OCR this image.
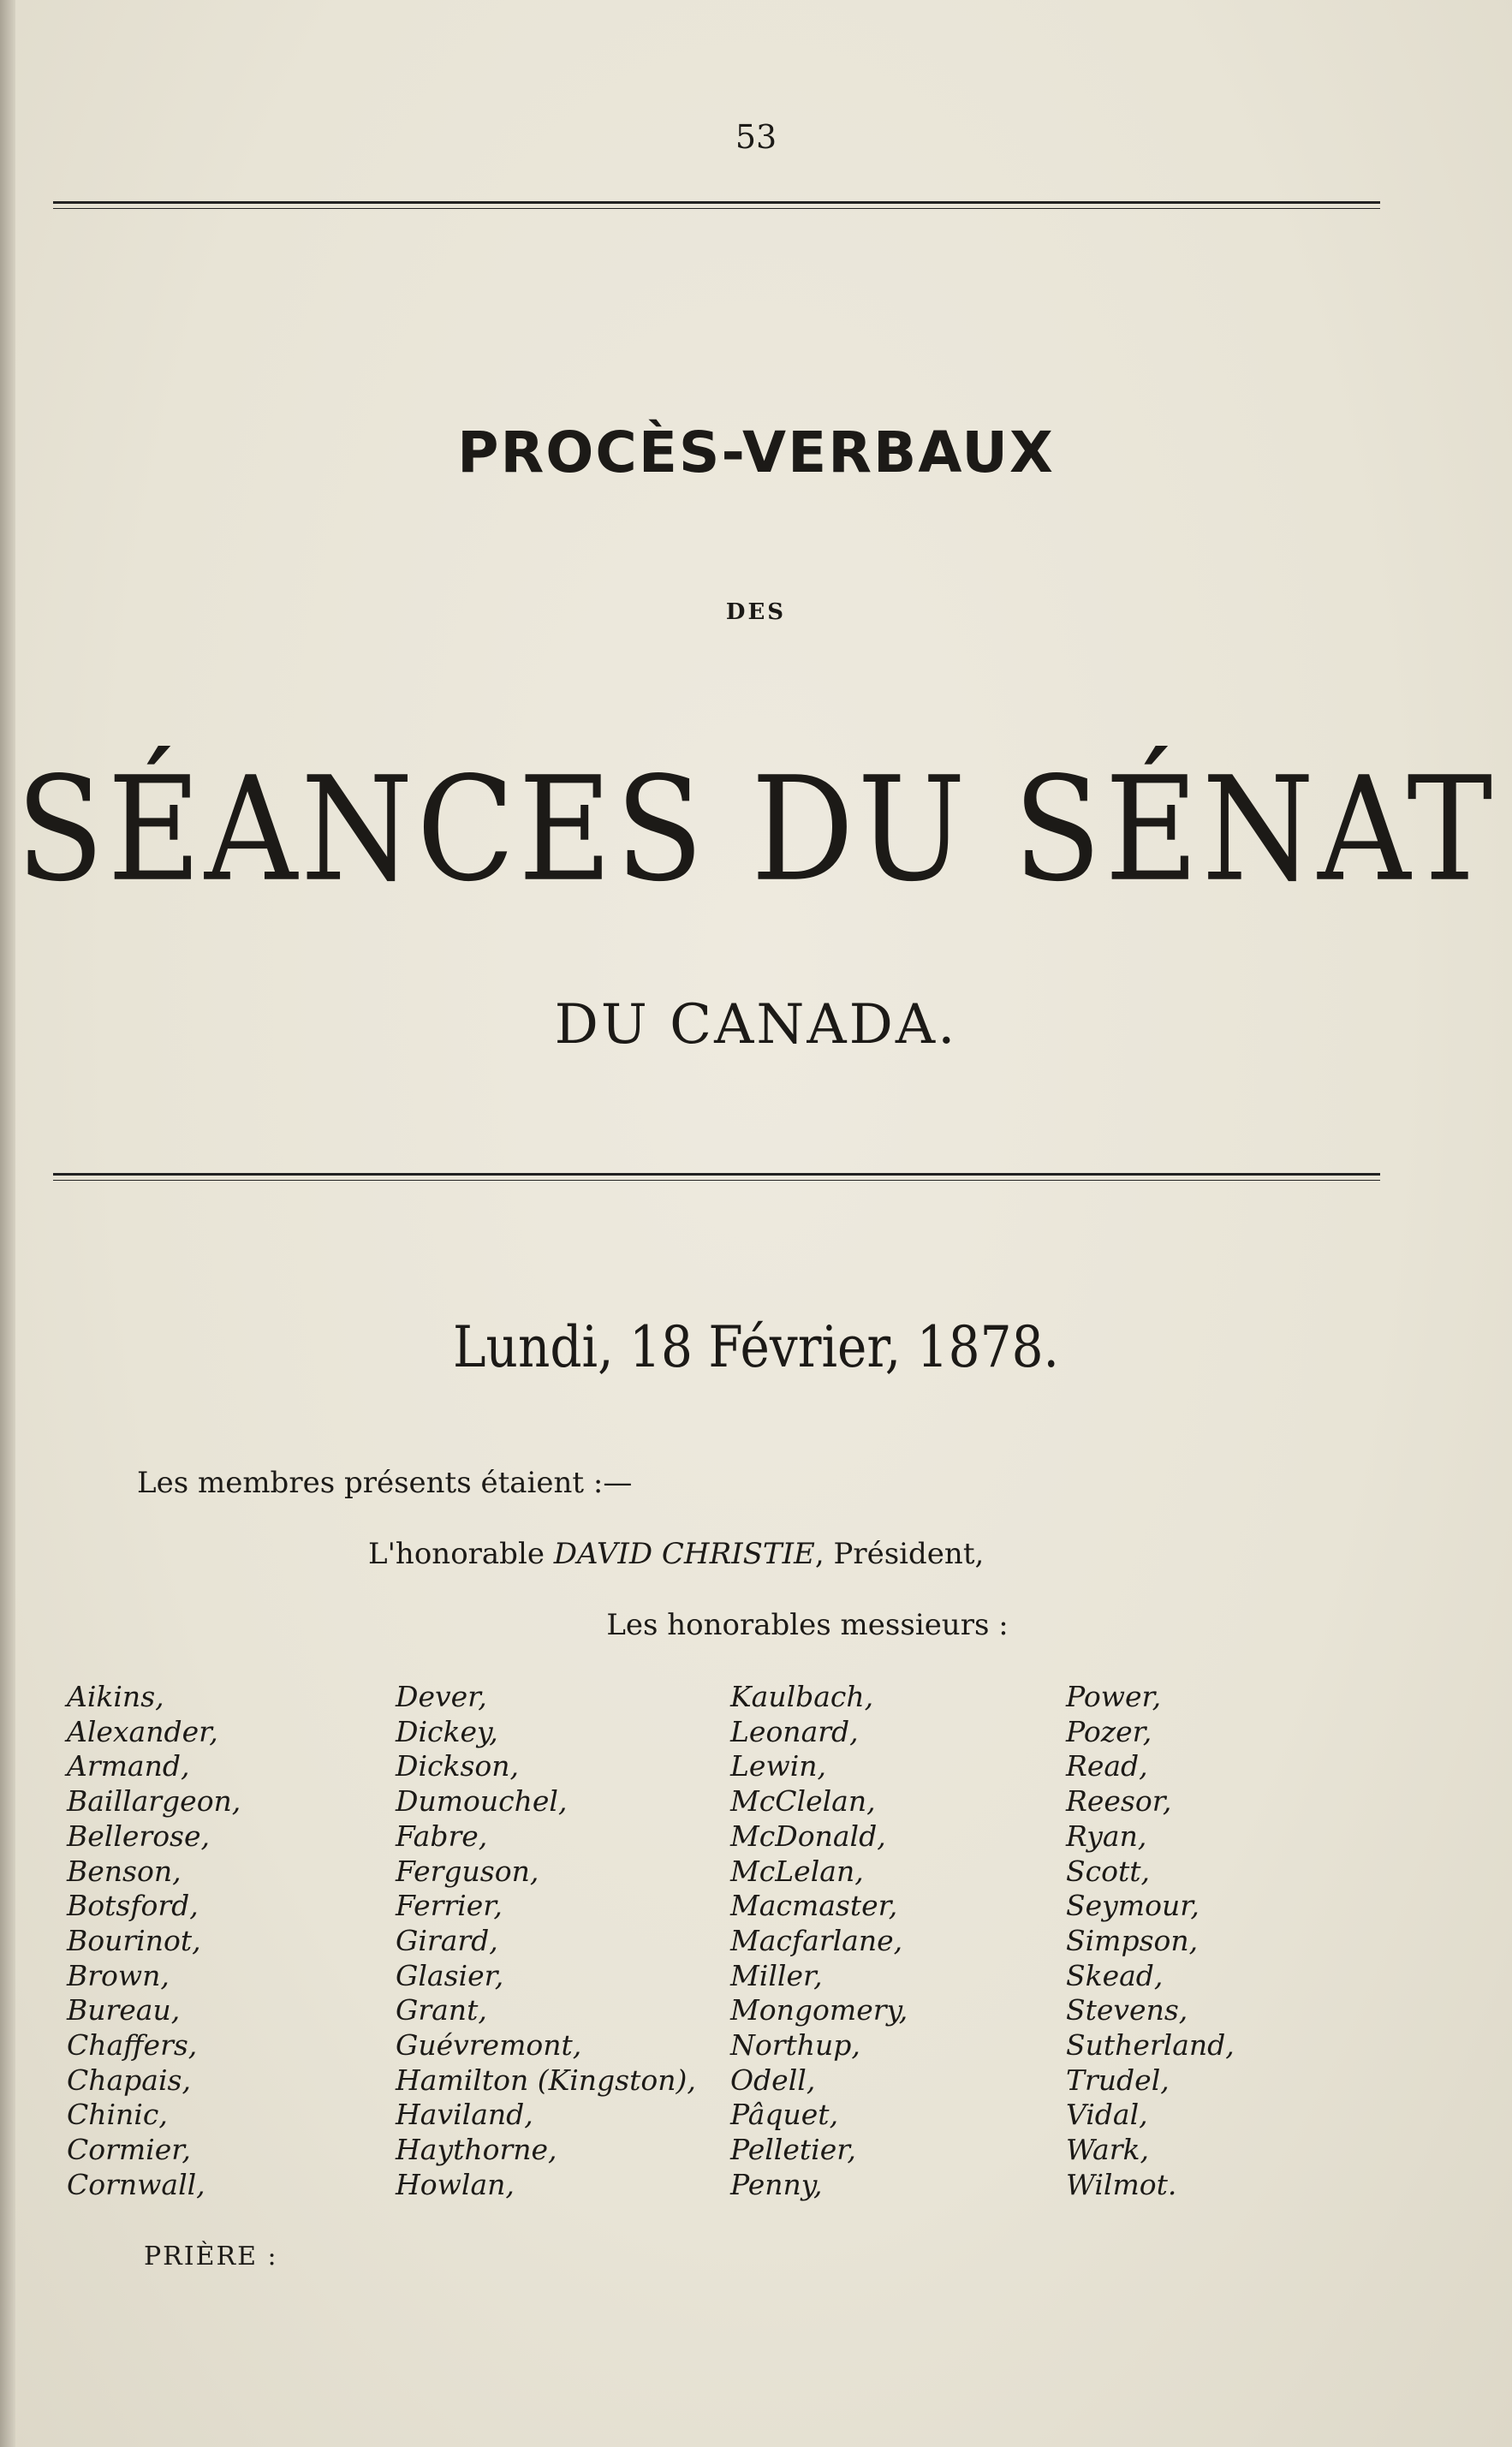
53
PROCÈS-VERBAUX
DES
SÉANCES DU SÉNAT
DU CANADA.
Lundi, 18 Février, 1878.
Les membres présents étaient :—
L'honorable DAVID CHRISTIE, Président,
Les honorables messieurs :
Aikins,
Alexander,
Armand,
Baillargeon,
Bellerose,
Benson,
Botsford,
Bourinot,
Brown,
Bureau,
Chaffers,
Chapais,
Chinic,
Cormier,
Cornwall,
Dever,
Dickey,
Dickson,
Dumouchel,
Fabre,
Ferguson,
Ferrier,
Girard,
Glasier,
Grant,
Guévremont,
Hamilton (Kingston),
Haviland,
Haythorne,
Howlan,
Kaulbach,
Leonard,
Lewin,
McClelan,
McDonald,
McLelan,
Macmaster,
Macfarlane,
Miller,
Mongomery,
Northup,
Odell,
Pâquet,
Pelletier,
Penny,
Power,
Pozer,
Read,
Reesor,
Ryan,
Scott,
Seymour,
Simpson,
Skead,
Stevens,
Sutherland,
Trudel,
Vidal,
Wark,
Wilmot.
PRIÈRE :
